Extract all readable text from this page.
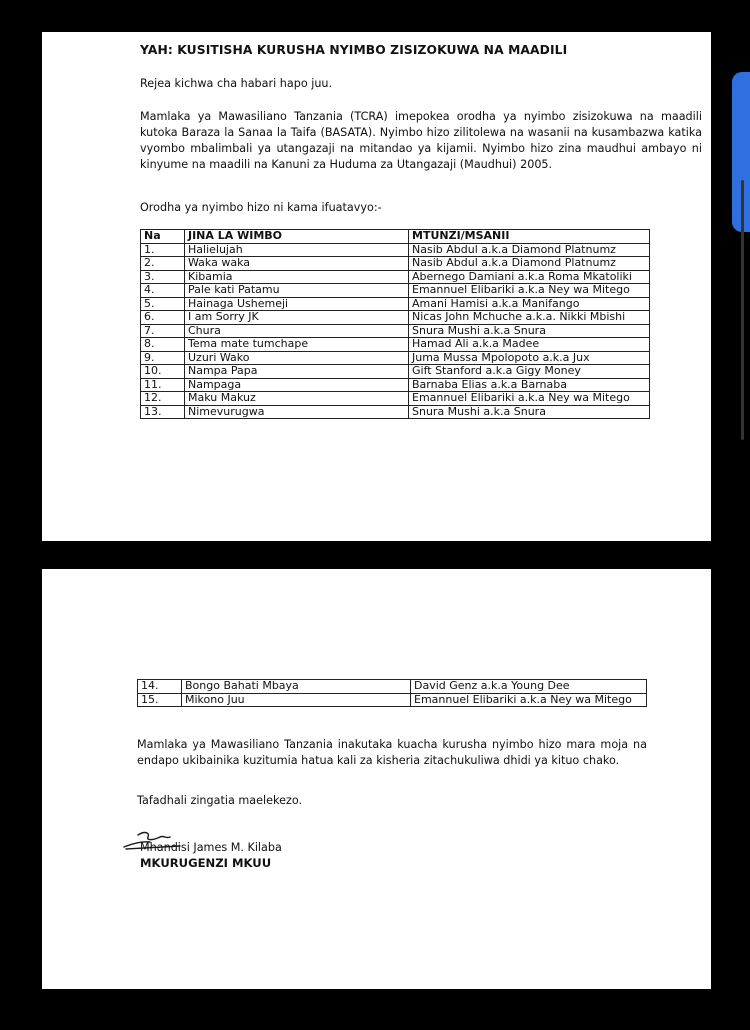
YAH: KUSITISHA KURUSHA NYIMBO ZISIZOKUWA NA MAADILI

Rejea kichwa cha habari hapo juu.

Mamlaka ya Mawasiliano Tanzania (TCRA) imepokea orodha ya nyimbo zisizokuwa na maadili kutoka Baraza la Sanaa la Taifa (BASATA). Nyimbo hizo zilitolewa na wasanii na kusambazwa katika vyombo mbalimbali ya utangazaji na mitandao ya kijamii. Nyimbo hizo zina maudhui ambayo ni kinyume na maadili na Kanuni za Huduma za Utangazaji (Maudhui) 2005.

Orodha ya nyimbo hizo ni kama ifuatavyo:-

Na	JINA LA WIMBO	MTUNZI/MSANII
1.	Halielujah	Nasib Abdul a.k.a Diamond Platnumz
2.	Waka waka	Nasib Abdul a.k.a Diamond Platnumz
3.	Kibamia	Abernego Damiani a.k.a Roma Mkatoliki
4.	Pale kati Patamu	Emannuel Elibariki a.k.a Ney wa Mitego
5.	Hainaga Ushemeji	Amani Hamisi a.k.a Manifango
6.	I am Sorry JK	Nicas John Mchuche a.k.a. Nikki Mbishi
7.	Chura	Snura Mushi a.k.a Snura
8.	Tema mate tumchape	Hamad Ali a.k.a Madee
9.	Uzuri Wako	Juma Mussa Mpolopoto a.k.a Jux
10.	Nampa Papa	Gift Stanford a.k.a Gigy Money
11.	Nampaga	Barnaba Elias a.k.a Barnaba
12.	Maku Makuz	Emannuel Elibariki a.k.a Ney wa Mitego
13.	Nimevurugwa	Snura Mushi a.k.a Snura
14.	Bongo Bahati Mbaya	David Genz a.k.a Young Dee
15.	Mikono Juu	Emannuel Elibariki a.k.a Ney wa Mitego

Mamlaka ya Mawasiliano Tanzania inakutaka kuacha kurusha nyimbo hizo mara moja na endapo ukibainika kuzitumia hatua kali za kisheria zitachukuliwa dhidi ya kituo chako.

Tafadhali zingatia maelekezo.

Mhandisi James M. Kilaba
MKURUGENZI MKUU
